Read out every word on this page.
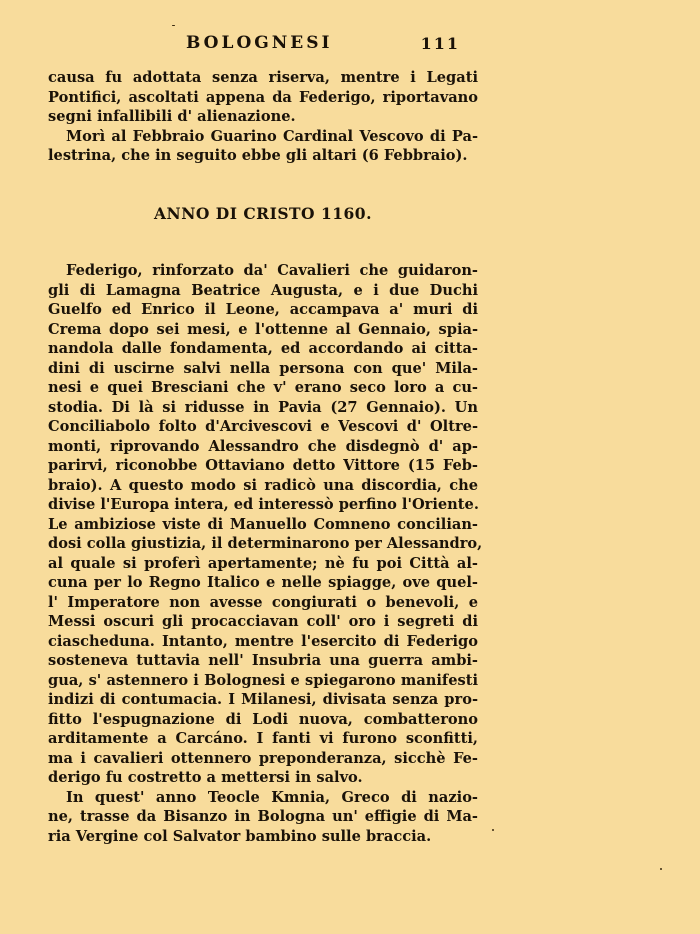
BOLOGNESI	111
causa fu adottata senza riserva, mentre i Legati
Pontifici, ascoltati appena da Federigo, riportavano
segni infallibili d' alienazione.
Morì al Febbraio Guarino Cardinal Vescovo di Pa-
lestrina, che in seguito ebbe gli altari (6 Febbraio).
ANNO DI CRISTO 1160.
Federigo, rinforzato da' Cavalieri che guidaron-
gli di Lamagna Beatrice Augusta, e i due Duchi
Guelfo ed Enrico il Leone, accampava a' muri di
Crema dopo sei mesi, e l'ottenne al Gennaio, spia-
nandola dalle fondamenta, ed accordando ai citta-
dini di uscirne salvi nella persona con que' Mila-
nesi e quei Bresciani che v' erano seco loro a cu-
stodia. Di là si ridusse in Pavia (27 Gennaio). Un
Conciliabolo folto d'Arcivescovi e Vescovi d' Oltre-
monti, riprovando Alessandro che disdegnò d' ap-
parirvi, riconobbe Ottaviano detto Vittore (15 Feb-
braio). A questo modo si radicò una discordia, che
divise l'Europa intera, ed interessò perfino l'Oriente.
Le ambiziose viste di Manuello Comneno concilian-
dosi colla giustizia, il determinarono per Alessandro,
al quale si proferì apertamente; nè fu poi Città al-
cuna per lo Regno Italico e nelle spiagge, ove quel-
l' Imperatore non avesse congiurati o benevoli, e
Messi oscuri gli procacciavan coll' oro i segreti di
ciascheduna. Intanto, mentre l'esercito di Federigo
sosteneva tuttavia nell' Insubria una guerra ambi-
gua, s' astennero i Bolognesi e spiegarono manifesti
indizi di contumacia. I Milanesi, divisata senza pro-
fitto l'espugnazione di Lodi nuova, combatterono
arditamente a Carcáno. I fanti vi furono sconfitti,
ma i cavalieri ottennero preponderanza, sicchè Fe-
derigo fu costretto a mettersi in salvo.
In quest' anno Teocle Kmnia, Greco di nazio-
ne, trasse da Bisanzo in Bologna un' effigie di Ma-
ria Vergine col Salvator bambino sulle braccia.
